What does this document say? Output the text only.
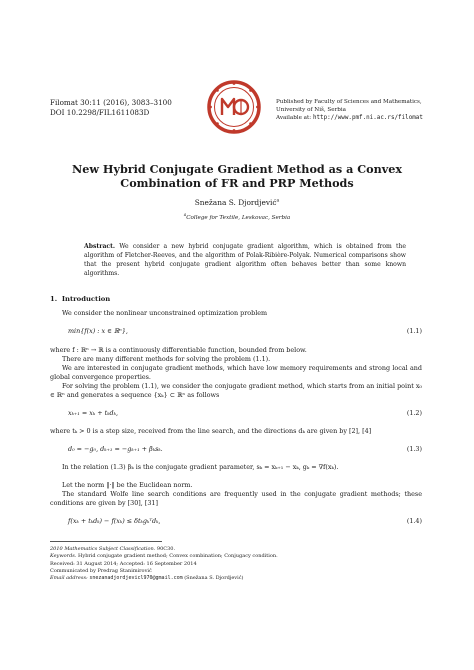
Filomat 30:11 (2016), 3083–3100
DOI 10.2298/FIL1611083D
Published by Faculty of Sciences and Mathematics,
University of Niš, Serbia
Available at: http://www.pmf.ni.ac.rs/filomat
New Hybrid Conjugate Gradient Method as a Convex
Combination of FR and PRP Methods
Snežana S. Djordjević$^a$
$^a$College for Textile, Leskovac, Serbia
Abstract. We consider a new hybrid conjugate gradient algorithm, which is obtained from the algorithm of Fletcher-Reeves, and the algorithm of Polak-Ribière-Polyak. Numerical comparisons show that the present hybrid conjugate gradient algorithm often behaves better than some known algorithms.
1. Introduction
We consider the nonlinear unconstrained optimization problem
min{f(x) : x ∈ ℝⁿ},	(1.1)
where f : ℝⁿ → ℝ is a continuously differentiable function, bounded from below.
There are many different methods for solving the problem (1.1).
We are interested in conjugate gradient methods, which have low memory requirements and strong local and global convergence properties.
For solving the problem (1.1), we consider the conjugate gradient method, which starts from an initial point x₀ ∈ ℝⁿ and generates a sequence {xₖ} ⊂ ℝⁿ as follows
xₖ₊₁ = xₖ + tₖdₖ,	(1.2)
where tₖ > 0 is a step size, received from the line search, and the directions dₖ are given by [2], [4]
d₀ = −g₀, dₖ₊₁ = −gₖ₊₁ + βₖsₖ.	(1.3)
In the relation (1.3) βₖ is the conjugate gradient parameter, sₖ = xₖ₊₁ − xₖ, gₖ = ∇f(xₖ).
Let the norm ‖·‖ be the Euclidean norm.
The standard Wolfe line search conditions are frequently used in the conjugate gradient methods; these conditions are given by [30], [31]
f(xₖ + tₖdₖ) − f(xₖ) ≤ δtₖgₖᵀdₖ,	(1.4)
2010 Mathematics Subject Classification. 90C30.
Keywords. Hybrid conjugate gradient method; Convex combination; Conjugacy condition.
Received: 31 August 2014; Accepted: 16 September 2014
Communicated by Predrag Stanimirović
Email address: snezanadjordjevicl970@gmail.com (Snežana S. Djordjević)
